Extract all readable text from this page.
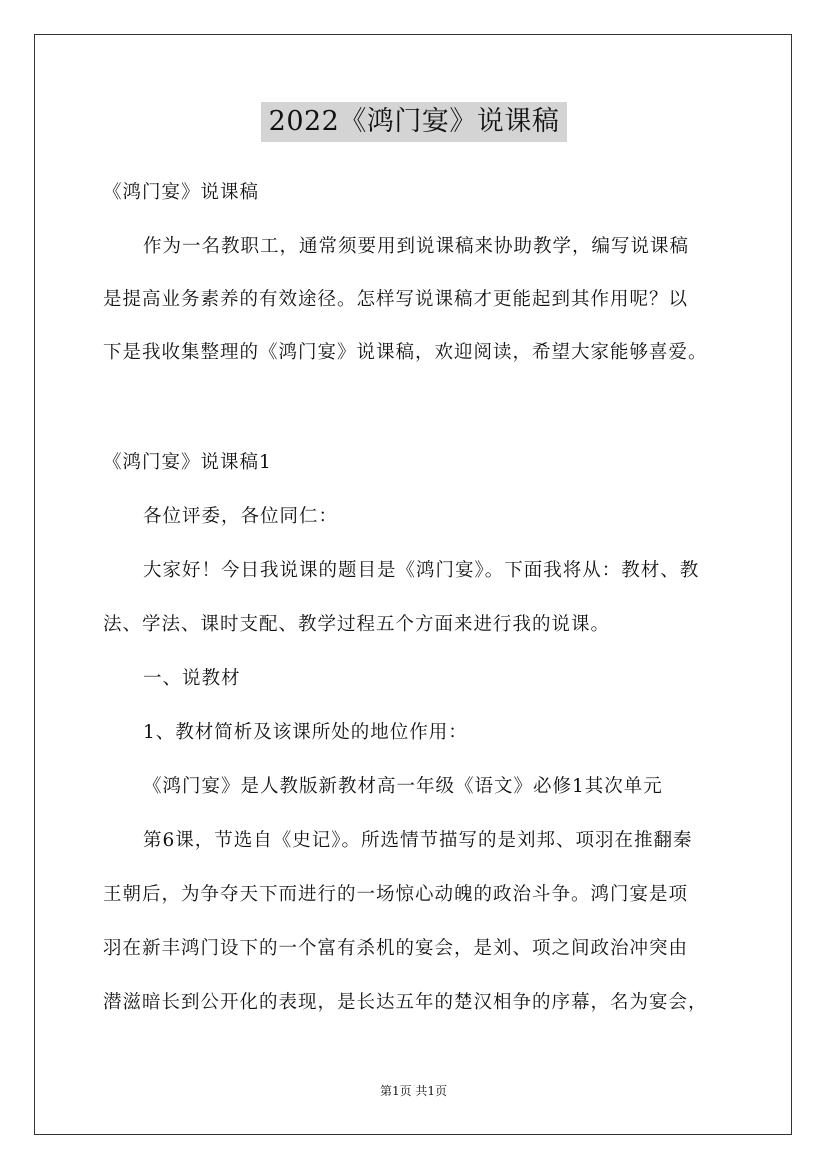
2022《鸿门宴》说课稿
《鸿门宴》说课稿
作为一名教职工，通常须要用到说课稿来协助教学，编写说课稿
是提高业务素养的有效途径。怎样写说课稿才更能起到其作用呢？以
下是我收集整理的《鸿门宴》说课稿，欢迎阅读，希望大家能够喜爱。
《鸿门宴》说课稿1
各位评委，各位同仁：
大家好！今日我说课的题目是《鸿门宴》。下面我将从：教材、教
法、学法、课时支配、教学过程五个方面来进行我的说课。
一、说教材
1、教材简析及该课所处的地位作用：
《鸿门宴》是人教版新教材高一年级《语文》必修1其次单元
第6课，节选自《史记》。所选情节描写的是刘邦、项羽在推翻秦
王朝后，为争夺天下而进行的一场惊心动魄的政治斗争。鸿门宴是项
羽在新丰鸿门设下的一个富有杀机的宴会，是刘、项之间政治冲突由
潜滋暗长到公开化的表现，是长达五年的楚汉相争的序幕，名为宴会，
第1页 共1页
